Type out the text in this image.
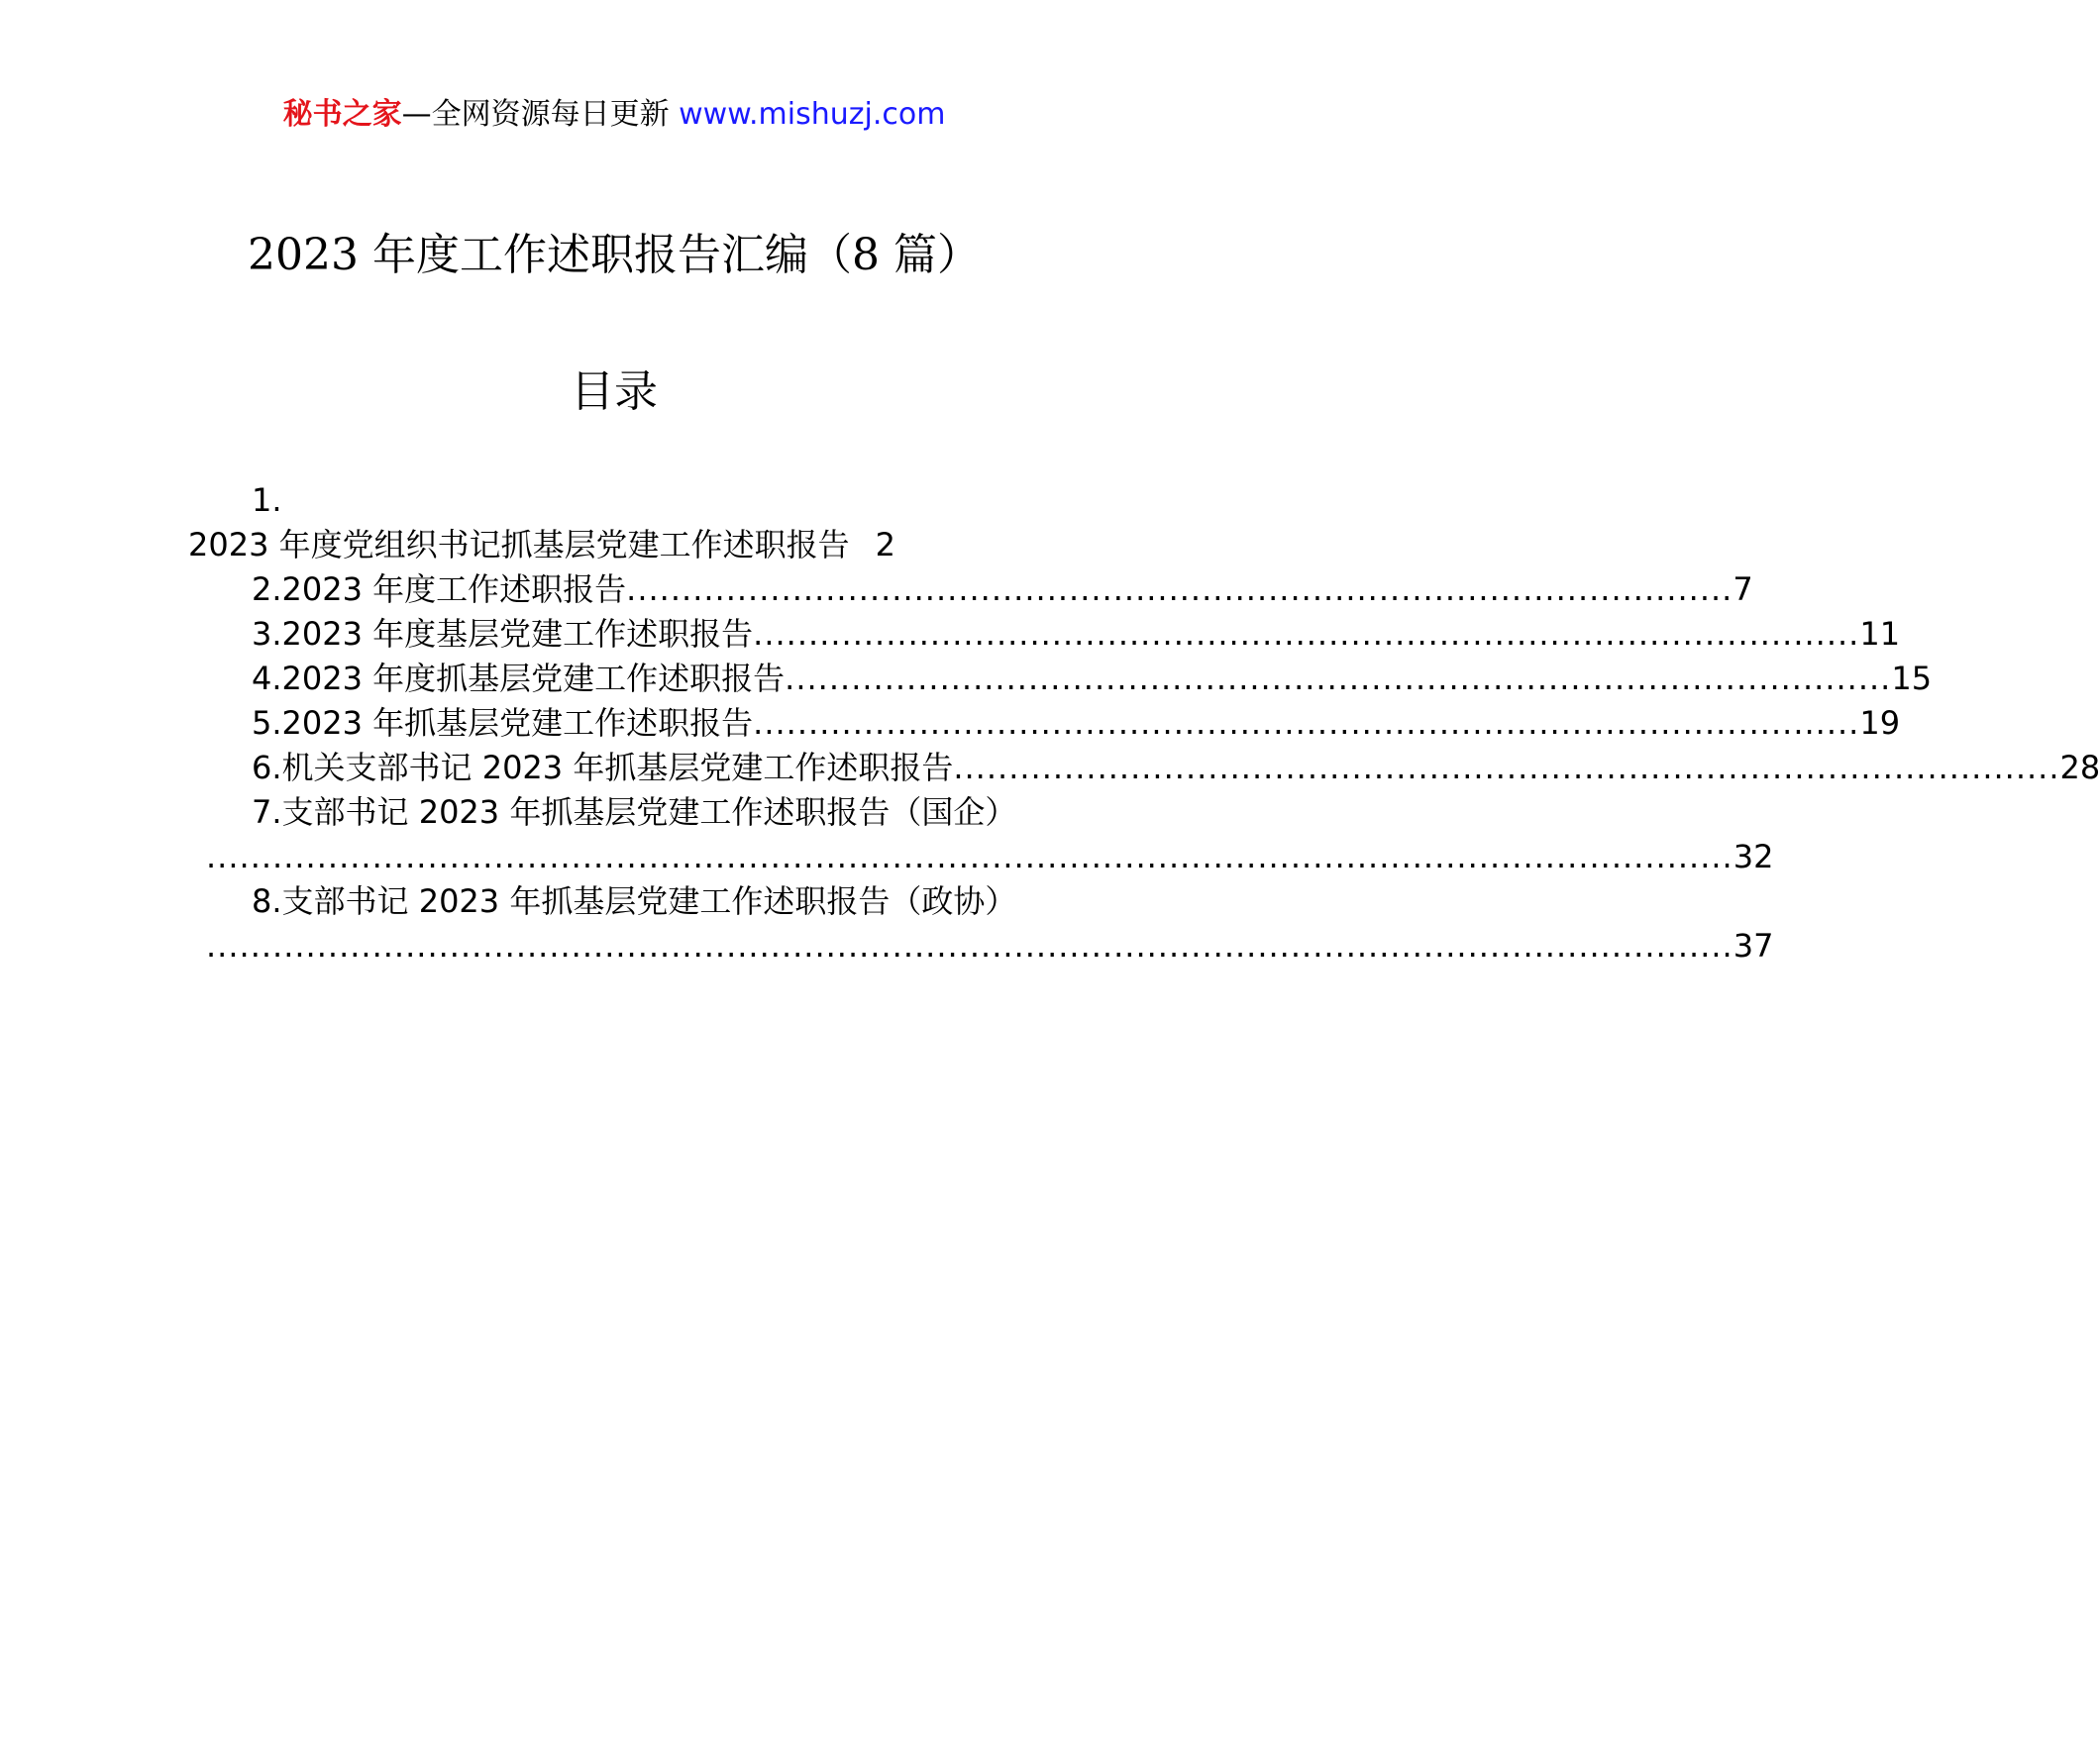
秘书之家—全网资源每日更新 www.mishuzj.com
2023 年度工作述职报告汇编（8 篇）
目录
1.
2023 年度党组织书记抓基层党建工作述职报告 2
2. 2023 年度工作述职报告 .................................................................................................... 7
3. 2023 年度基层党建工作述职报告 .................................................................................................... 11
4. 2023 年度抓基层党建工作述职报告 .................................................................................................... 15
5. 2023 年抓基层党建工作述职报告 .................................................................................................... 19
6. 机关支部书记 2023 年抓基层党建工作述职报告 .................................................................................................... 28
7.支部书记 2023 年抓基层党建工作述职报告（国企）
.......................................................................................................................................... 32
8.支部书记 2023 年抓基层党建工作述职报告（政协）
.......................................................................................................................................... 37
